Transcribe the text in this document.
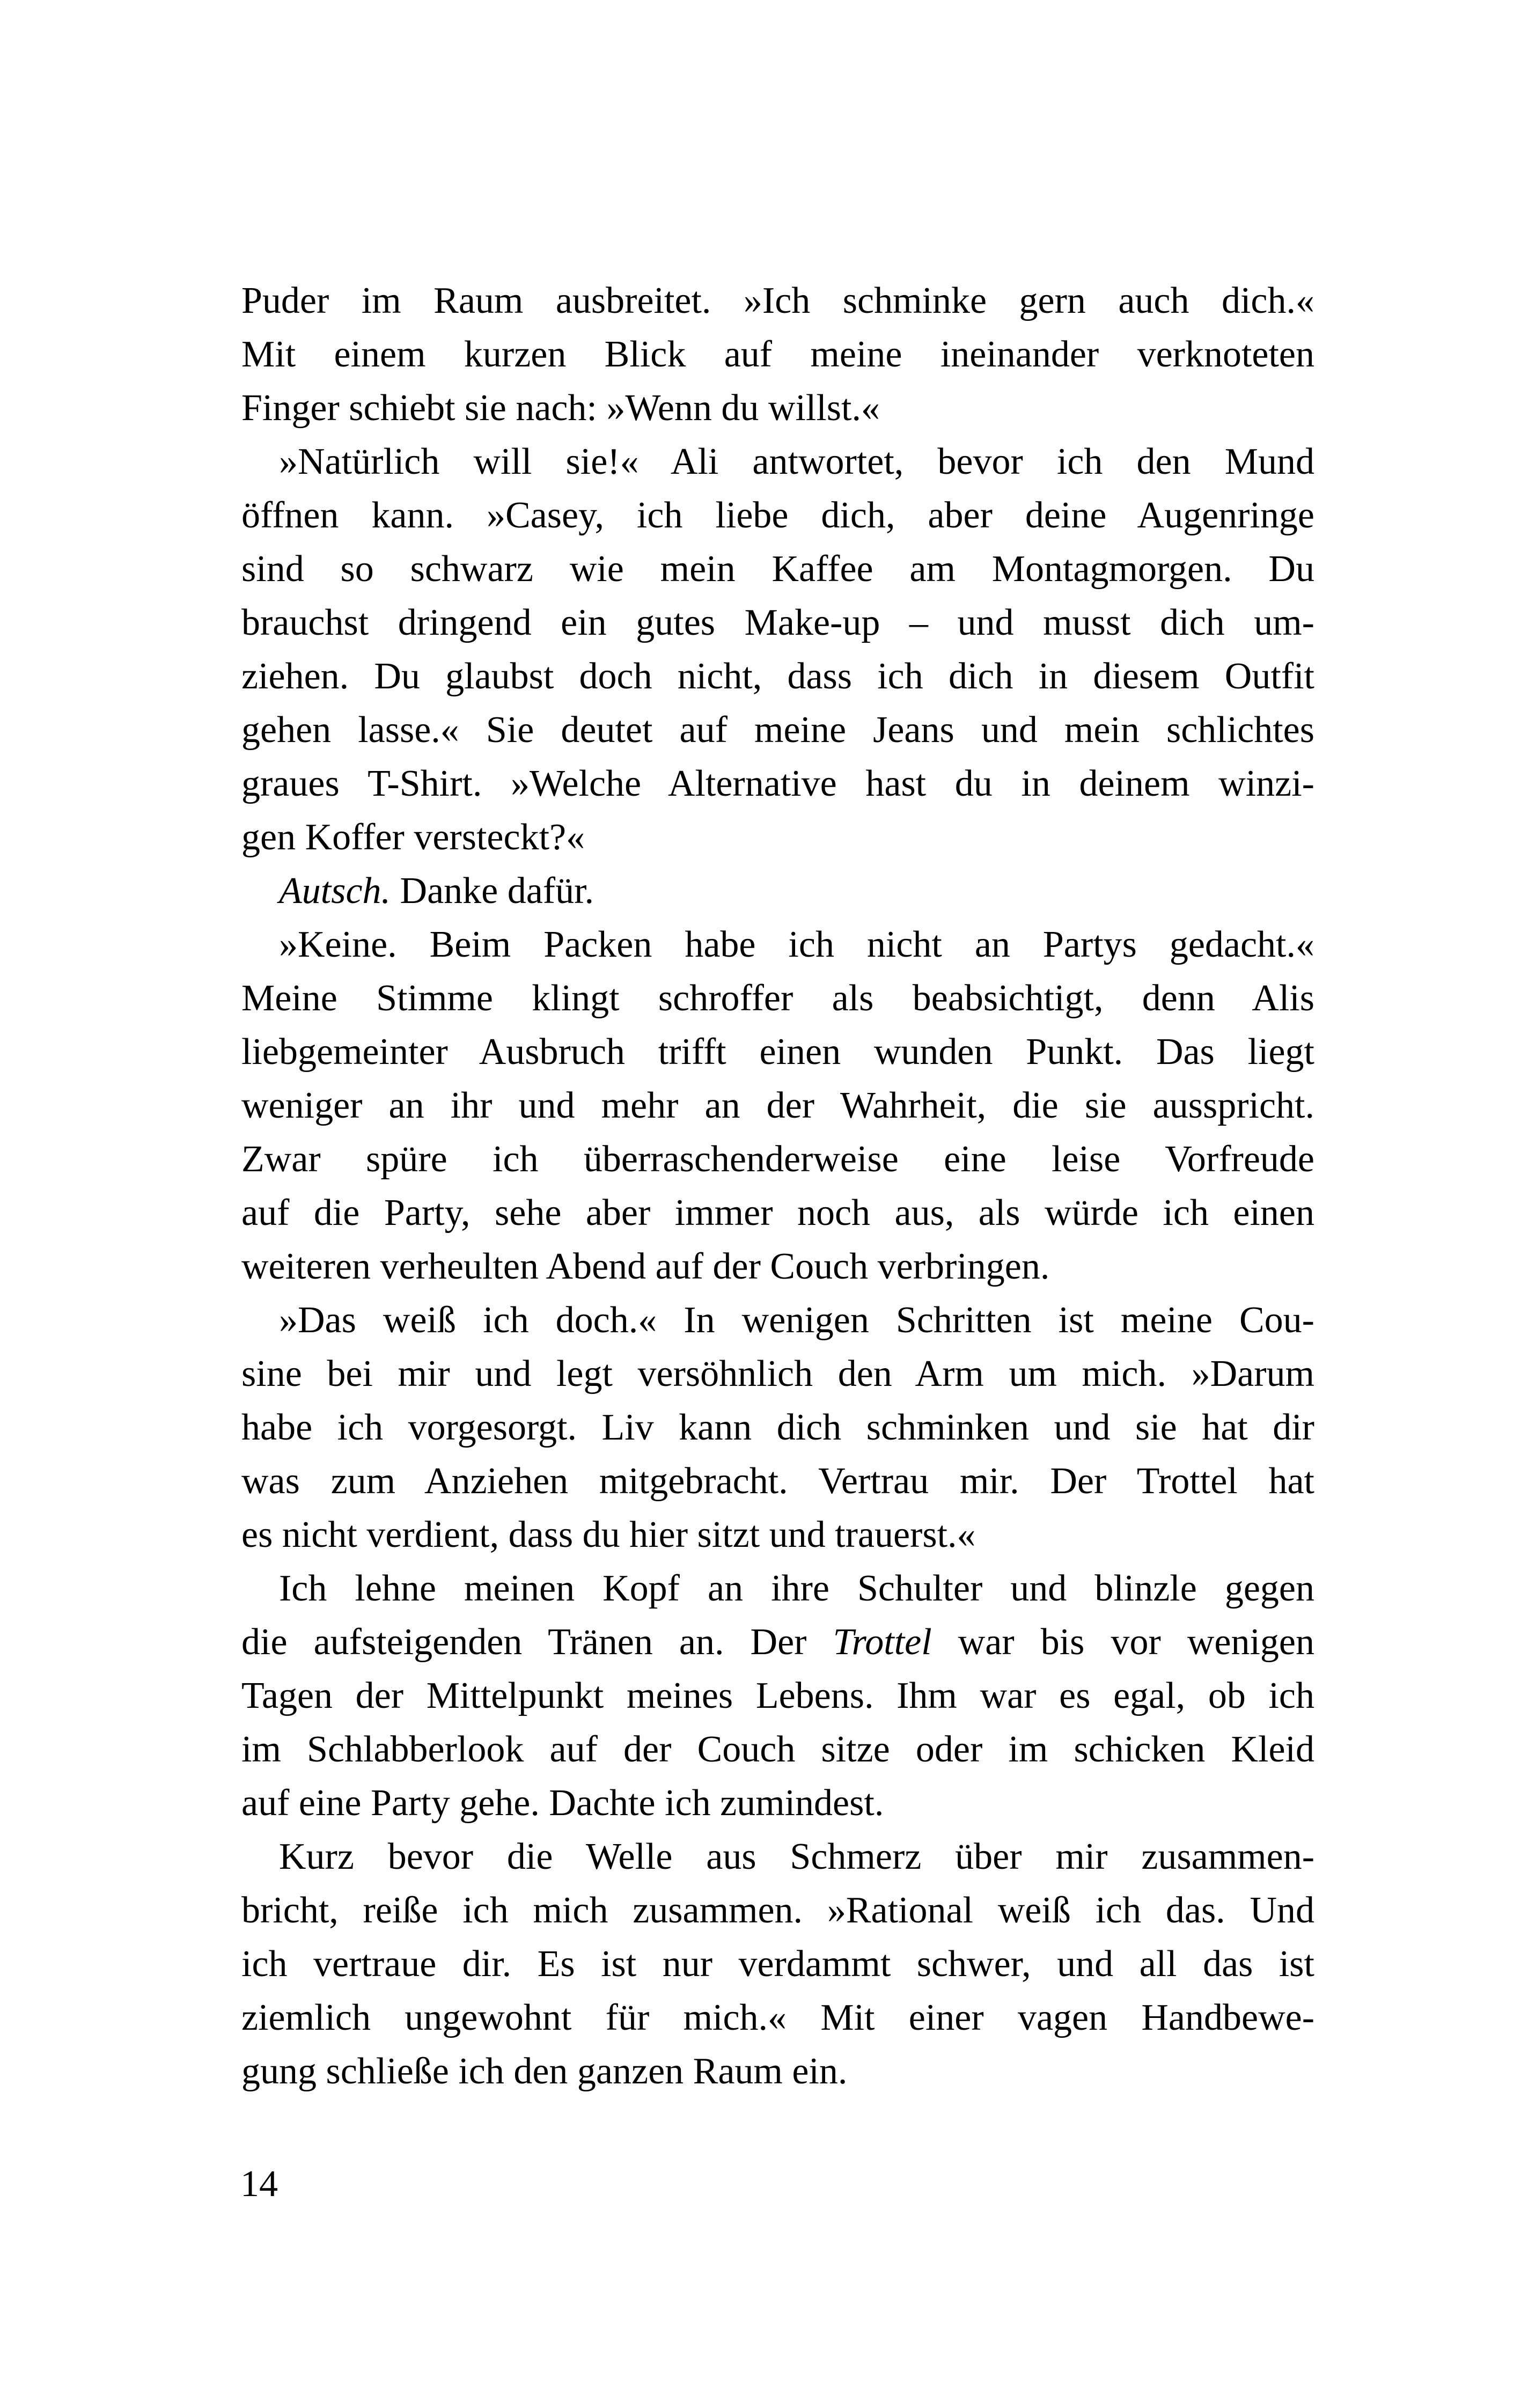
Puder im Raum ausbreitet. »Ich schminke gern auch dich.«
Mit einem kurzen Blick auf meine ineinander verknoteten
Finger schiebt sie nach: »Wenn du willst.«
»Natürlich will sie!« Ali antwortet, bevor ich den Mund
öffnen kann. »Casey, ich liebe dich, aber deine Augenringe
sind so schwarz wie mein Kaffee am Montagmorgen. Du
brauchst dringend ein gutes Make-up – und musst dich um-
ziehen. Du glaubst doch nicht, dass ich dich in diesem Outfit
gehen lasse.« Sie deutet auf meine Jeans und mein schlichtes
graues T-Shirt. »Welche Alternative hast du in deinem winzi-
gen Koffer versteckt?«
Autsch. Danke dafür.
»Keine. Beim Packen habe ich nicht an Partys gedacht.«
Meine Stimme klingt schroffer als beabsichtigt, denn Alis
liebgemeinter Ausbruch trifft einen wunden Punkt. Das liegt
weniger an ihr und mehr an der Wahrheit, die sie ausspricht.
Zwar spüre ich überraschenderweise eine leise Vorfreude
auf die Party, sehe aber immer noch aus, als würde ich einen
weiteren verheulten Abend auf der Couch verbringen.
»Das weiß ich doch.« In wenigen Schritten ist meine Cou-
sine bei mir und legt versöhnlich den Arm um mich. »Darum
habe ich vorgesorgt. Liv kann dich schminken und sie hat dir
was zum Anziehen mitgebracht. Vertrau mir. Der Trottel hat
es nicht verdient, dass du hier sitzt und trauerst.«
Ich lehne meinen Kopf an ihre Schulter und blinzle gegen
die aufsteigenden Tränen an. Der Trottel war bis vor wenigen
Tagen der Mittelpunkt meines Lebens. Ihm war es egal, ob ich
im Schlabberlook auf der Couch sitze oder im schicken Kleid
auf eine Party gehe. Dachte ich zumindest.
Kurz bevor die Welle aus Schmerz über mir zusammen-
bricht, reiße ich mich zusammen. »Rational weiß ich das. Und
ich vertraue dir. Es ist nur verdammt schwer, und all das ist
ziemlich ungewohnt für mich.« Mit einer vagen Handbewe-
gung schließe ich den ganzen Raum ein.
14
